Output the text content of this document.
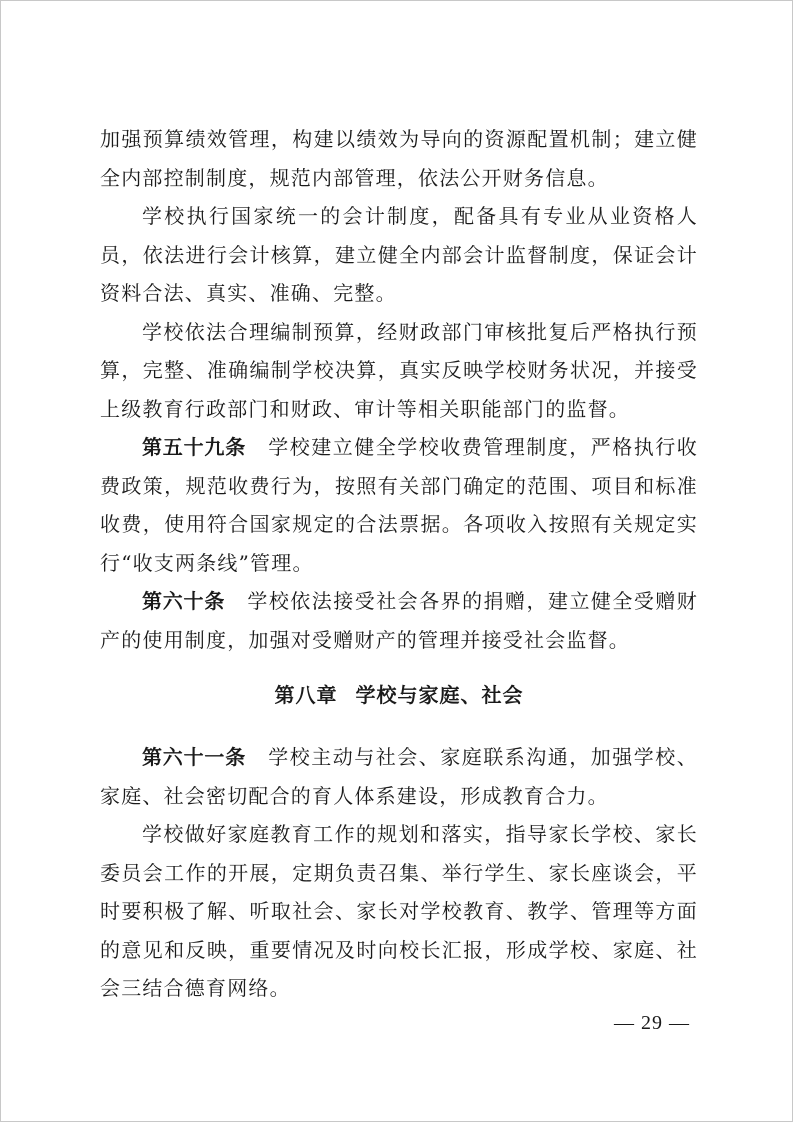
加强预算绩效管理，构建以绩效为导向的资源配置机制；建立健全内部控制制度，规范内部管理，依法公开财务信息。

学校执行国家统一的会计制度，配备具有专业从业资格人员，依法进行会计核算，建立健全内部会计监督制度，保证会计资料合法、真实、准确、完整。

学校依法合理编制预算，经财政部门审核批复后严格执行预算，完整、准确编制学校决算，真实反映学校财务状况，并接受上级教育行政部门和财政、审计等相关职能部门的监督。

第五十九条 学校建立健全学校收费管理制度，严格执行收费政策，规范收费行为，按照有关部门确定的范围、项目和标准收费，使用符合国家规定的合法票据。各项收入按照有关规定实行“收支两条线”管理。

第六十条 学校依法接受社会各界的捐赠，建立健全受赠财产的使用制度，加强对受赠财产的管理并接受社会监督。

第八章 学校与家庭、社会

第六十一条 学校主动与社会、家庭联系沟通，加强学校、家庭、社会密切配合的育人体系建设，形成教育合力。

学校做好家庭教育工作的规划和落实，指导家长学校、家长委员会工作的开展，定期负责召集、举行学生、家长座谈会，平时要积极了解、听取社会、家长对学校教育、教学、管理等方面的意见和反映，重要情况及时向校长汇报，形成学校、家庭、社会三结合德育网络。

— 29 —
